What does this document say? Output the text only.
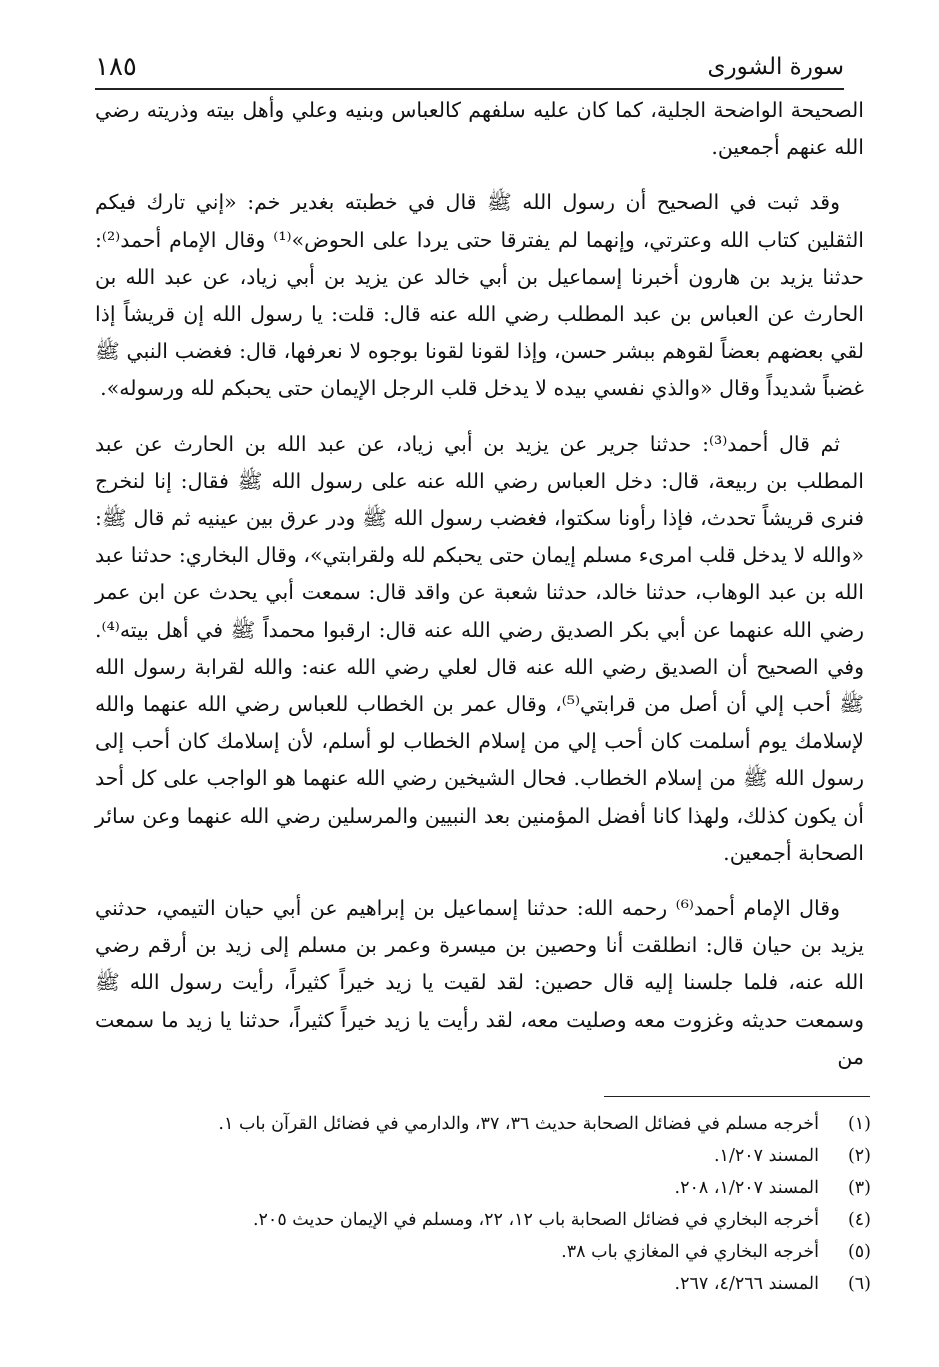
سورة الشورى
١٨٥

الصحيحة الواضحة الجلية، كما كان عليه سلفهم كالعباس وبنيه وعلي وأهل بيته وذريته رضي الله عنهم أجمعين.

وقد ثبت في الصحيح أن رسول الله ﷺ قال في خطبته بغدير خم: «إني تارك فيكم الثقلين كتاب الله وعترتي، وإنهما لم يفترقا حتى يردا على الحوض»⁽¹⁾ وقال الإمام أحمد⁽²⁾: حدثنا يزيد بن هارون أخبرنا إسماعيل بن أبي خالد عن يزيد بن أبي زياد، عن عبد الله بن الحارث عن العباس بن عبد المطلب رضي الله عنه قال: قلت: يا رسول الله إن قريشاً إذا لقي بعضهم بعضاً لقوهم ببشر حسن، وإذا لقونا لقونا بوجوه لا نعرفها، قال: فغضب النبي ﷺ غضباً شديداً وقال «والذي نفسي بيده لا يدخل قلب الرجل الإيمان حتى يحبكم لله ورسوله».

ثم قال أحمد⁽³⁾: حدثنا جرير عن يزيد بن أبي زياد، عن عبد الله بن الحارث عن عبد المطلب بن ربيعة، قال: دخل العباس رضي الله عنه على رسول الله ﷺ فقال: إنا لنخرج فنرى قريشاً تحدث، فإذا رأونا سكتوا، فغضب رسول الله ﷺ ودر عرق بين عينيه ثم قال ﷺ: «والله لا يدخل قلب امرىء مسلم إيمان حتى يحبكم لله ولقرابتي»، وقال البخاري: حدثنا عبد الله بن عبد الوهاب، حدثنا خالد، حدثنا شعبة عن واقد قال: سمعت أبي يحدث عن ابن عمر رضي الله عنهما عن أبي بكر الصديق رضي الله عنه قال: ارقبوا محمداً ﷺ في أهل بيته⁽⁴⁾. وفي الصحيح أن الصديق رضي الله عنه قال لعلي رضي الله عنه: والله لقرابة رسول الله ﷺ أحب إلي أن أصل من قرابتي⁽⁵⁾، وقال عمر بن الخطاب للعباس رضي الله عنهما والله لإسلامك يوم أسلمت كان أحب إلي من إسلام الخطاب لو أسلم، لأن إسلامك كان أحب إلى رسول الله ﷺ من إسلام الخطاب. فحال الشيخين رضي الله عنهما هو الواجب على كل أحد أن يكون كذلك، ولهذا كانا أفضل المؤمنين بعد النبيين والمرسلين رضي الله عنهما وعن سائر الصحابة أجمعين.

وقال الإمام أحمد⁽⁶⁾ رحمه الله: حدثنا إسماعيل بن إبراهيم عن أبي حيان التيمي، حدثني يزيد بن حيان قال: انطلقت أنا وحصين بن ميسرة وعمر بن مسلم إلى زيد بن أرقم رضي الله عنه، فلما جلسنا إليه قال حصين: لقد لقيت يا زيد خيراً كثيراً، رأيت رسول الله ﷺ وسمعت حديثه وغزوت معه وصليت معه، لقد رأيت يا زيد خيراً كثيراً، حدثنا يا زيد ما سمعت من

(١)
أخرجه مسلم في فضائل الصحابة حديث ٣٦، ٣٧، والدارمي في فضائل القرآن باب ١.
(٢)
المسند ١/٢٠٧.
(٣)
المسند ١/٢٠٧، ٢٠٨.
(٤)
أخرجه البخاري في فضائل الصحابة باب ١٢، ٢٢، ومسلم في الإيمان حديث ٢٠٥.
(٥)
أخرجه البخاري في المغازي باب ٣٨.
(٦)
المسند ٤/٢٦٦، ٢٦٧.
